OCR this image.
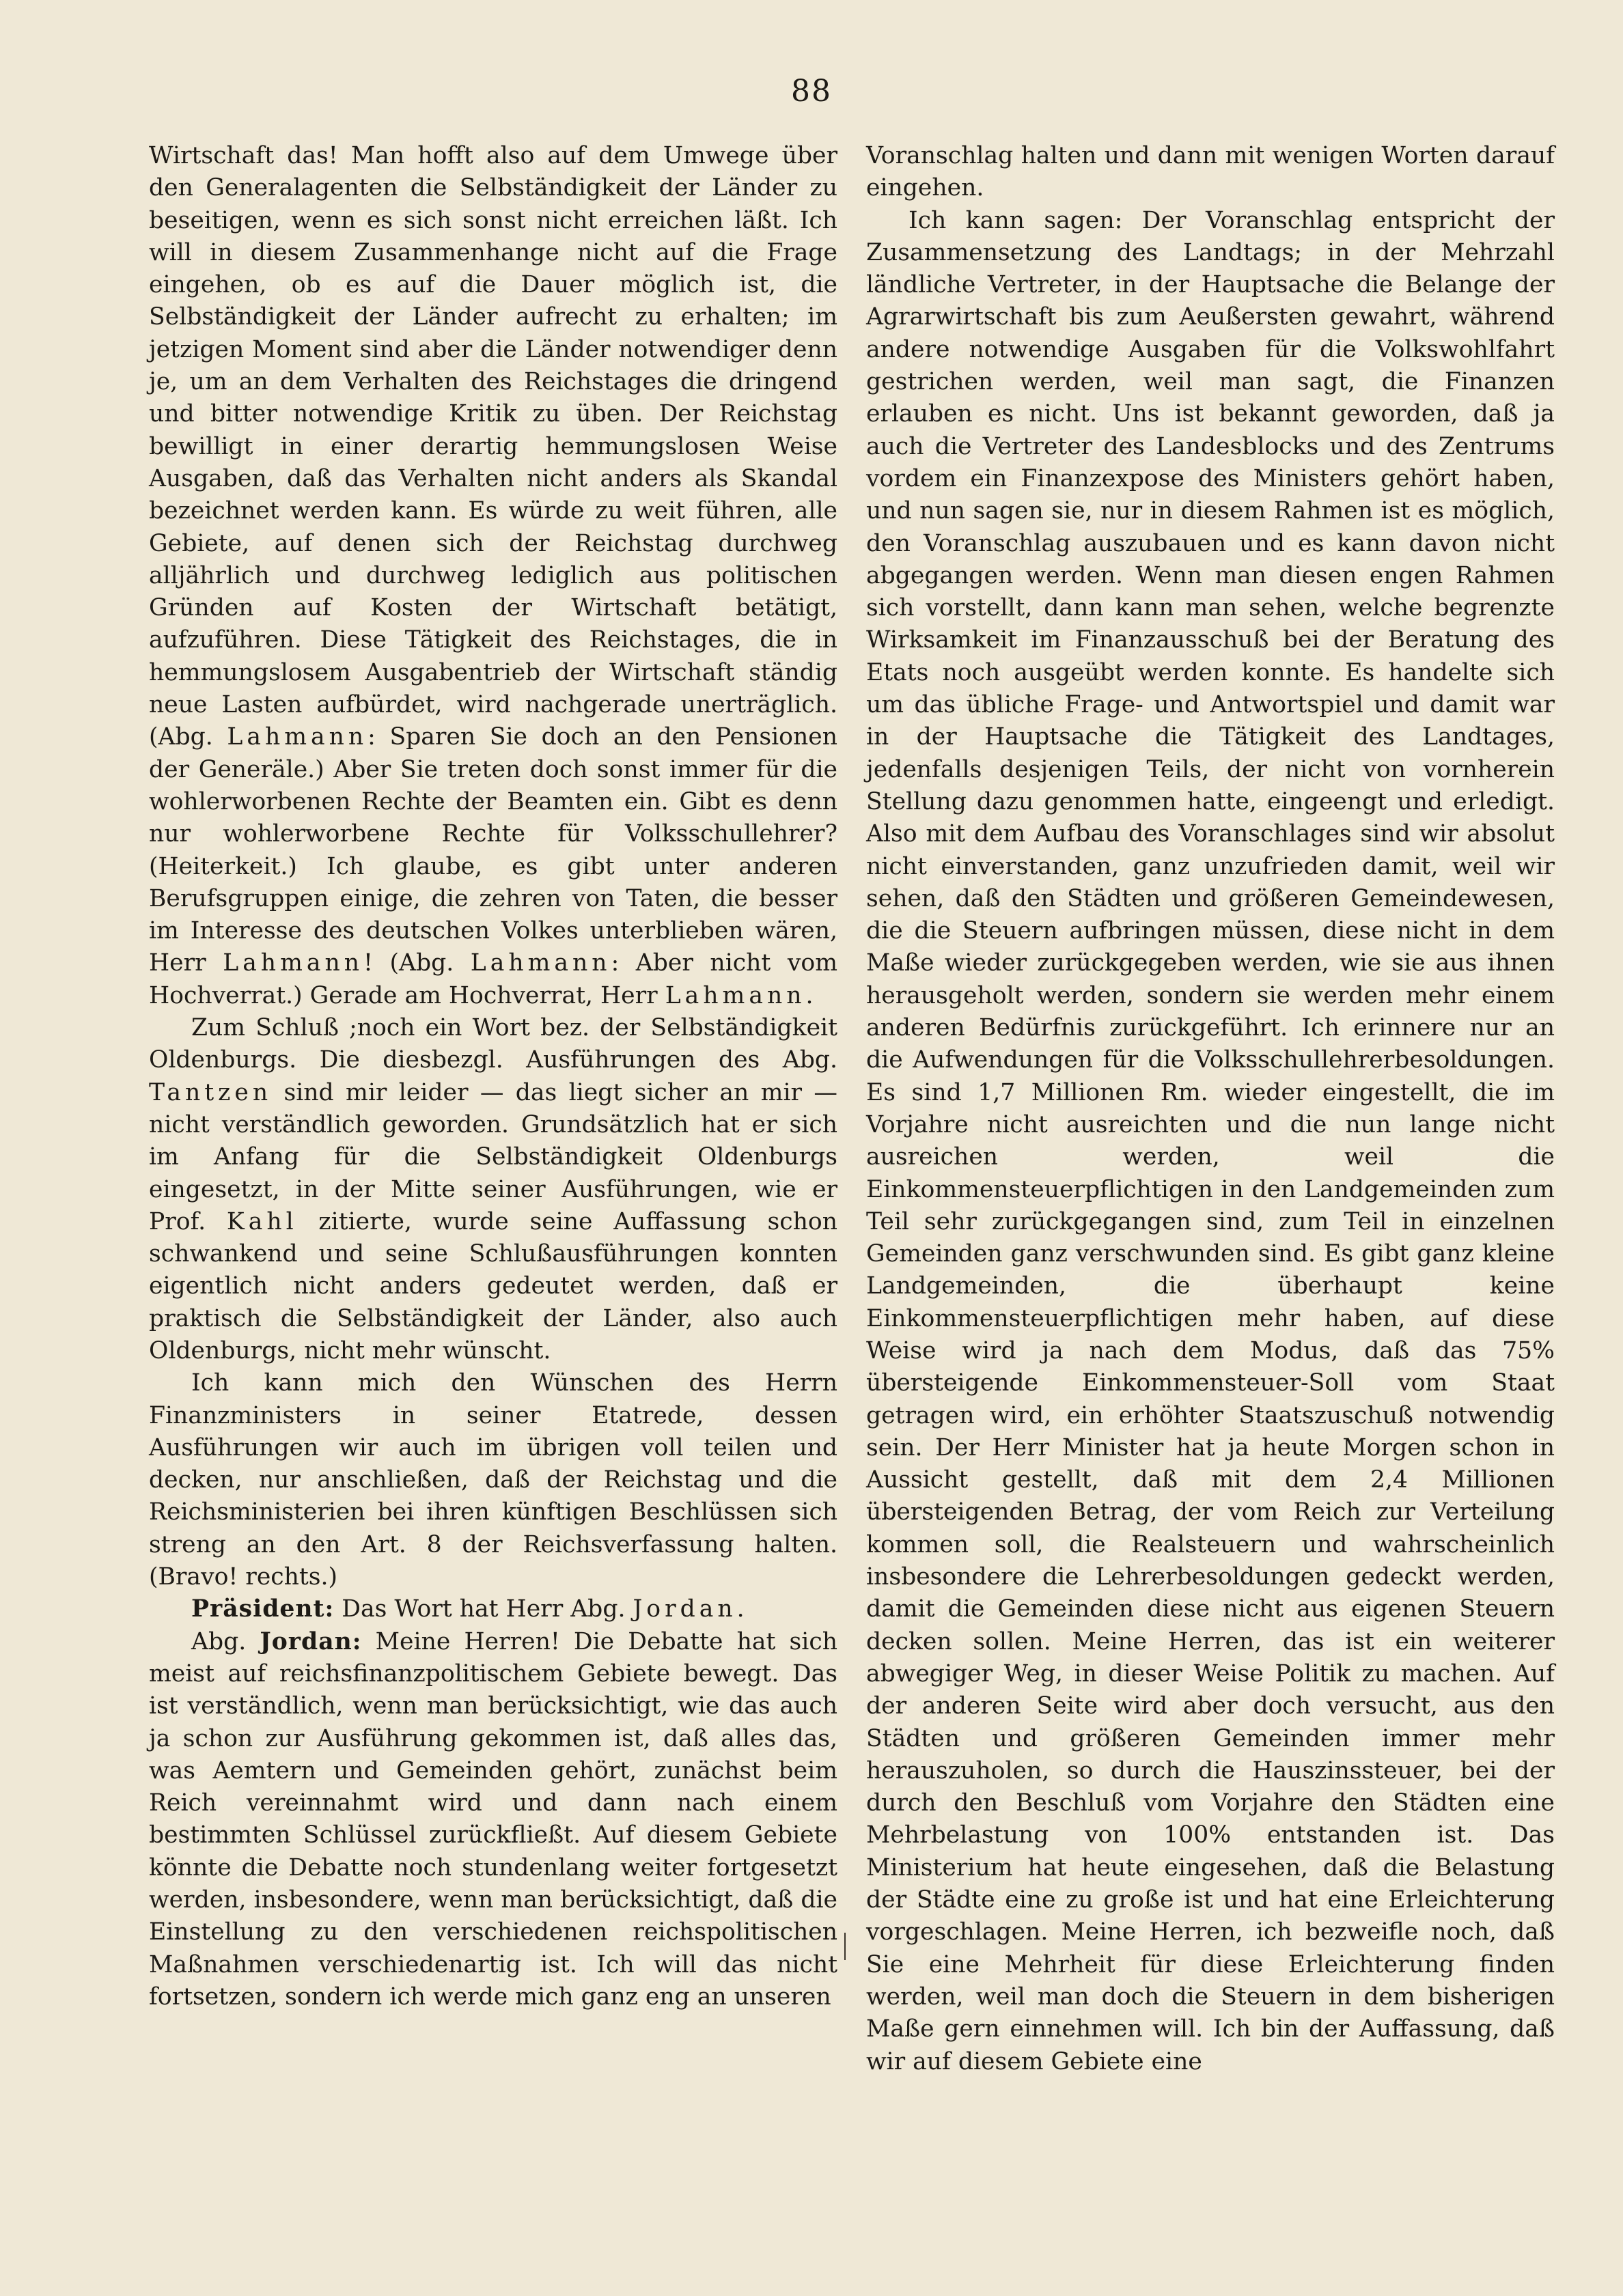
88

Wirtschaft das! Man hofft also auf dem Umwege über den Generalagenten die Selbständigkeit der Länder zu beseitigen, wenn es sich sonst nicht erreichen läßt. Ich will in diesem Zusammenhange nicht auf die Frage eingehen, ob es auf die Dauer möglich ist, die Selbständigkeit der Länder aufrecht zu erhalten; im jetzigen Moment sind aber die Länder notwendiger denn je, um an dem Verhalten des Reichstages die dringend und bitter notwendige Kritik zu üben. Der Reichstag bewilligt in einer derartig hemmungslosen Weise Ausgaben, daß das Verhalten nicht anders als Skandal bezeichnet werden kann. Es würde zu weit führen, alle Gebiete, auf denen sich der Reichstag durchweg alljährlich und durchweg lediglich aus politischen Gründen auf Kosten der Wirtschaft betätigt, aufzuführen. Diese Tätigkeit des Reichstages, die in hemmungslosem Ausgabentrieb der Wirtschaft ständig neue Lasten aufbürdet, wird nachgerade unerträglich. (Abg. Lahmann: Sparen Sie doch an den Pensionen der Generäle.) Aber Sie treten doch sonst immer für die wohlerworbenen Rechte der Beamten ein. Gibt es denn nur wohlerworbene Rechte für Volksschullehrer? (Heiterkeit.) Ich glaube, es gibt unter anderen Berufsgruppen einige, die zehren von Taten, die besser im Interesse des deutschen Volkes unterblieben wären, Herr Lahmann! (Abg. Lahmann: Aber nicht vom Hochverrat.) Gerade am Hochverrat, Herr Lahmann.

Zum Schluß ;noch ein Wort bez. der Selbständigkeit Oldenburgs. Die diesbezgl. Ausführungen des Abg. Tantzen sind mir leider — das liegt sicher an mir — nicht verständlich geworden. Grundsätzlich hat er sich im Anfang für die Selbständigkeit Oldenburgs eingesetzt, in der Mitte seiner Ausführungen, wie er Prof. Kahl zitierte, wurde seine Auffassung schon schwankend und seine Schlußausführungen konnten eigentlich nicht anders gedeutet werden, daß er praktisch die Selbständigkeit der Länder, also auch Oldenburgs, nicht mehr wünscht.

Ich kann mich den Wünschen des Herrn Finanzministers in seiner Etatrede, dessen Ausführungen wir auch im übrigen voll teilen und decken, nur anschließen, daß der Reichstag und die Reichsministerien bei ihren künftigen Beschlüssen sich streng an den Art. 8 der Reichsverfassung halten. (Bravo! rechts.)

Präsident: Das Wort hat Herr Abg. Jordan.

Abg. Jordan: Meine Herren! Die Debatte hat sich meist auf reichsfinanzpolitischem Gebiete bewegt. Das ist verständlich, wenn man berücksichtigt, wie das auch ja schon zur Ausführung gekommen ist, daß alles das, was Aemtern und Gemeinden gehört, zunächst beim Reich vereinnahmt wird und dann nach einem bestimmten Schlüssel zurückfließt. Auf diesem Gebiete könnte die Debatte noch stundenlang weiter fortgesetzt werden, insbesondere, wenn man berücksichtigt, daß die Einstellung zu den verschiedenen reichspolitischen Maßnahmen verschiedenartig ist. Ich will das nicht fortsetzen, sondern ich werde mich ganz eng an unseren

Voranschlag halten und dann mit wenigen Worten darauf eingehen.

Ich kann sagen: Der Voranschlag entspricht der Zusammensetzung des Landtags; in der Mehrzahl ländliche Vertreter, in der Hauptsache die Belange der Agrarwirtschaft bis zum Aeußersten gewahrt, während andere notwendige Ausgaben für die Volkswohlfahrt gestrichen werden, weil man sagt, die Finanzen erlauben es nicht. Uns ist bekannt geworden, daß ja auch die Vertreter des Landesblocks und des Zentrums vordem ein Finanzexpose des Ministers gehört haben, und nun sagen sie, nur in diesem Rahmen ist es möglich, den Voranschlag auszubauen und es kann davon nicht abgegangen werden. Wenn man diesen engen Rahmen sich vorstellt, dann kann man sehen, welche begrenzte Wirksamkeit im Finanzausschuß bei der Beratung des Etats noch ausgeübt werden konnte. Es handelte sich um das übliche Frage- und Antwortspiel und damit war in der Hauptsache die Tätigkeit des Landtages, jedenfalls desjenigen Teils, der nicht von vornherein Stellung dazu genommen hatte, eingeengt und erledigt. Also mit dem Aufbau des Voranschlages sind wir absolut nicht einverstanden, ganz unzufrieden damit, weil wir sehen, daß den Städten und größeren Gemeindewesen, die die Steuern aufbringen müssen, diese nicht in dem Maße wieder zurückgegeben werden, wie sie aus ihnen herausgeholt werden, sondern sie werden mehr einem anderen Bedürfnis zurückgeführt. Ich erinnere nur an die Aufwendungen für die Volksschullehrerbesoldungen. Es sind 1,7 Millionen Rm. wieder eingestellt, die im Vorjahre nicht ausreichten und die nun lange nicht ausreichen werden, weil die Einkommensteuerpflichtigen in den Landgemeinden zum Teil sehr zurückgegangen sind, zum Teil in einzelnen Gemeinden ganz verschwunden sind. Es gibt ganz kleine Landgemeinden, die überhaupt keine Einkommensteuerpflichtigen mehr haben, auf diese Weise wird ja nach dem Modus, daß das 75% übersteigende Einkommensteuer-Soll vom Staat getragen wird, ein erhöhter Staatszuschuß notwendig sein. Der Herr Minister hat ja heute Morgen schon in Aussicht gestellt, daß mit dem 2,4 Millionen übersteigenden Betrag, der vom Reich zur Verteilung kommen soll, die Realsteuern und wahrscheinlich insbesondere die Lehrerbesoldungen gedeckt werden, damit die Gemeinden diese nicht aus eigenen Steuern decken sollen. Meine Herren, das ist ein weiterer abwegiger Weg, in dieser Weise Politik zu machen. Auf der anderen Seite wird aber doch versucht, aus den Städten und größeren Gemeinden immer mehr herauszuholen, so durch die Hauszinssteuer, bei der durch den Beschluß vom Vorjahre den Städten eine Mehrbelastung von 100% entstanden ist. Das Ministerium hat heute eingesehen, daß die Belastung der Städte eine zu große ist und hat eine Erleichterung vorgeschlagen. Meine Herren, ich bezweifle noch, daß Sie eine Mehrheit für diese Erleichterung finden werden, weil man doch die Steuern in dem bisherigen Maße gern einnehmen will. Ich bin der Auffassung, daß wir auf diesem Gebiete eine
